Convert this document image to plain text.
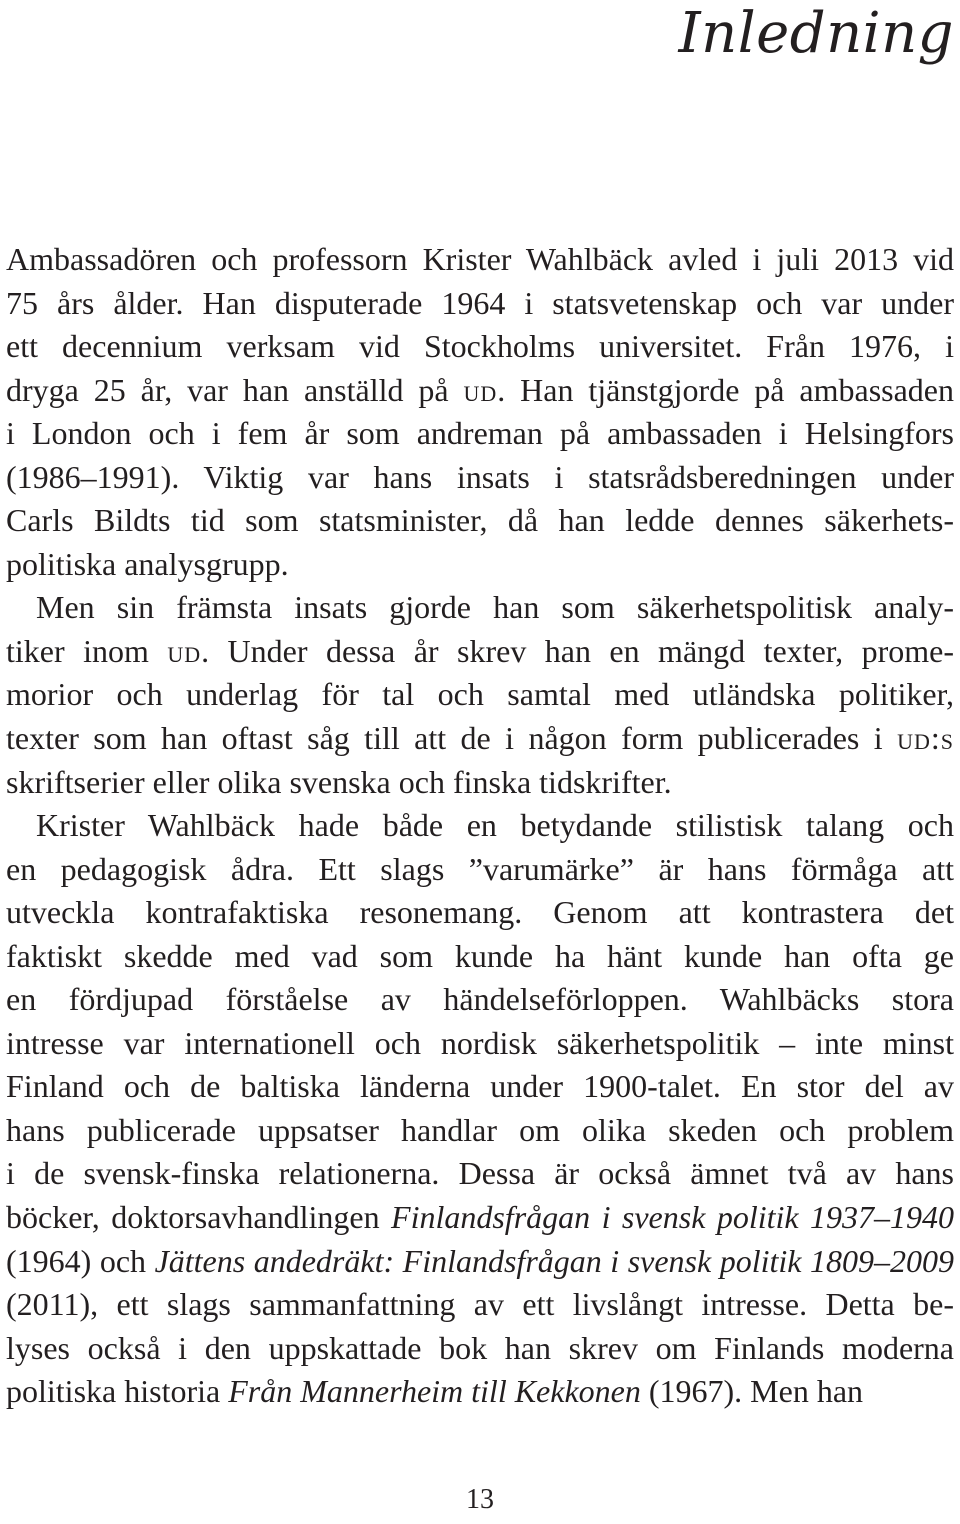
Inledning
Ambassadören och professorn Krister Wahlbäck avled i juli 2013 vid
75 års ålder. Han disputerade 1964 i statsvetenskap och var under
ett decennium verksam vid Stockholms universitet. Från 1976, i
dryga 25 år, var han anställd på ud. Han tjänstgjorde på ambassaden
i London och i fem år som andreman på ambassaden i Helsingfors
(1986–1991). Viktig var hans insats i statsrådsberedningen under
Carls Bildts tid som statsminister, då han ledde dennes säkerhets-
politiska analysgrupp.
Men sin främsta insats gjorde han som säkerhetspolitisk analy-
tiker inom ud. Under dessa år skrev han en mängd texter, prome-
morior och underlag för tal och samtal med utländska politiker,
texter som han oftast såg till att de i någon form publicerades i ud:s
skriftserier eller olika svenska och finska tidskrifter.
Krister Wahlbäck hade både en betydande stilistisk talang och
en pedagogisk ådra. Ett slags ”varumärke” är hans förmåga att
utveckla kontrafaktiska resonemang. Genom att kontrastera det
faktiskt skedde med vad som kunde ha hänt kunde han ofta ge
en fördjupad förståelse av händelseförloppen. Wahlbäcks stora
intresse var internationell och nordisk säkerhetspolitik – inte minst
Finland och de baltiska länderna under 1900-talet. En stor del av
hans publicerade uppsatser handlar om olika skeden och problem
i de svensk-finska relationerna. Dessa är också ämnet två av hans
böcker, doktorsavhandlingen Finlandsfrågan i svensk politik 1937–1940
(1964) och Jättens andedräkt: Finlandsfrågan i svensk politik 1809–2009
(2011), ett slags sammanfattning av ett livslångt intresse. Detta be-
lyses också i den uppskattade bok han skrev om Finlands moderna
politiska historia Från Mannerheim till Kekkonen (1967). Men han
13
